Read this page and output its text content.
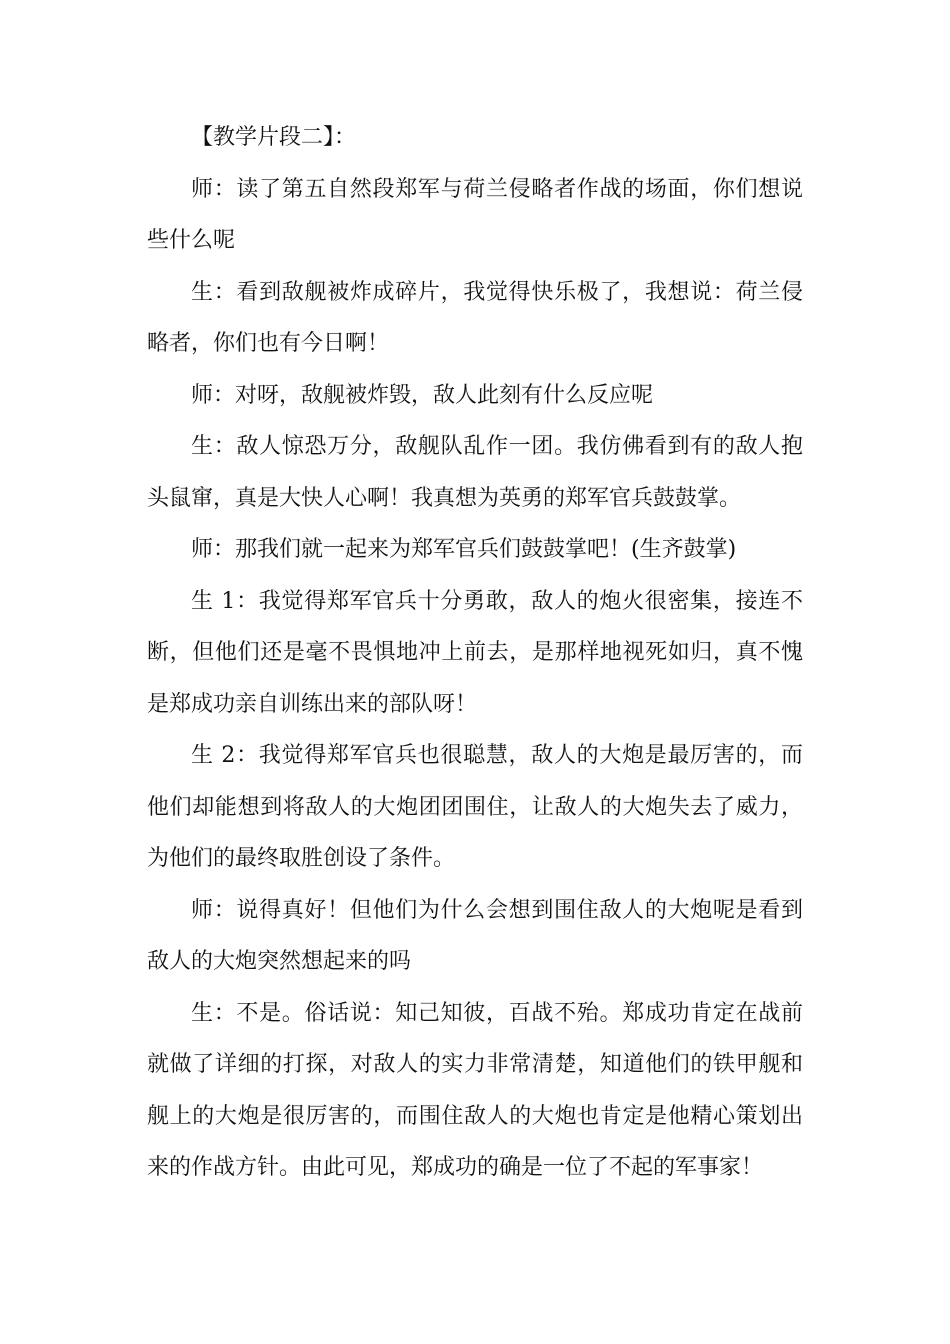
【教学片段二】：

师：读了第五自然段郑军与荷兰侵略者作战的场面，你们想说些什么呢

生：看到敌舰被炸成碎片，我觉得快乐极了，我想说：荷兰侵略者，你们也有今日啊！

师：对呀，敌舰被炸毁，敌人此刻有什么反应呢

生：敌人惊恐万分，敌舰队乱作一团。我仿佛看到有的敌人抱头鼠窜，真是大快人心啊！我真想为英勇的郑军官兵鼓鼓掌。

师：那我们就一起来为郑军官兵们鼓鼓掌吧！(生齐鼓掌)

生 1：我觉得郑军官兵十分勇敢，敌人的炮火很密集，接连不断，但他们还是毫不畏惧地冲上前去，是那样地视死如归，真不愧是郑成功亲自训练出来的部队呀！

生 2：我觉得郑军官兵也很聪慧，敌人的大炮是最厉害的，而他们却能想到将敌人的大炮团团围住，让敌人的大炮失去了威力，为他们的最终取胜创设了条件。

师：说得真好！但他们为什么会想到围住敌人的大炮呢是看到敌人的大炮突然想起来的吗

生：不是。俗话说：知己知彼，百战不殆。郑成功肯定在战前就做了详细的打探，对敌人的实力非常清楚，知道他们的铁甲舰和舰上的大炮是很厉害的，而围住敌人的大炮也肯定是他精心策划出来的作战方针。由此可见，郑成功的确是一位了不起的军事家！
